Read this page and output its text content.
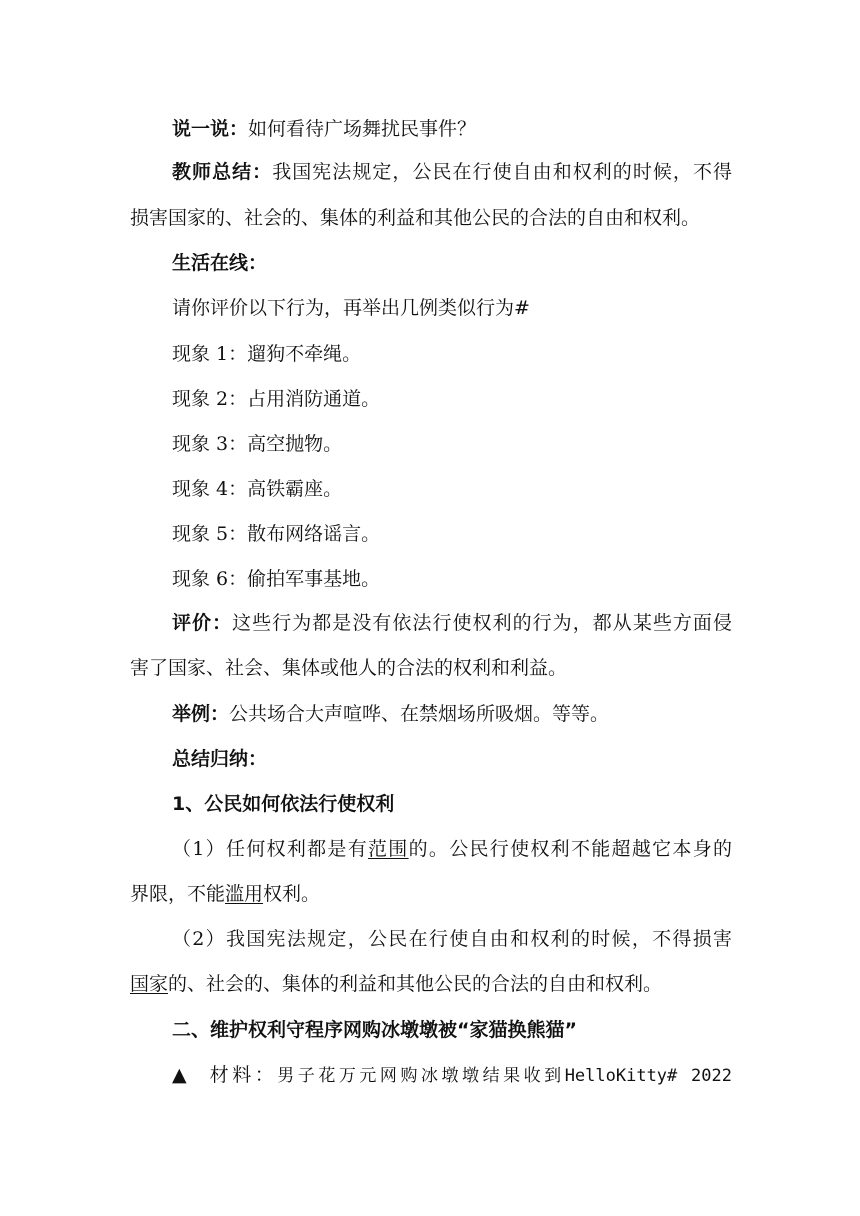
说一说：如何看待广场舞扰民事件？
教师总结：我国宪法规定，公民在行使自由和权利的时候，不得
损害国家的、社会的、集体的利益和其他公民的合法的自由和权利。
生活在线：
请你评价以下行为，再举出几例类似行为#
现象 1：遛狗不牵绳。
现象 2：占用消防通道。
现象 3：高空抛物。
现象 4：高铁霸座。
现象 5：散布网络谣言。
现象 6：偷拍军事基地。
评价：这些行为都是没有依法行使权利的行为，都从某些方面侵
害了国家、社会、集体或他人的合法的权利和利益。
举例：公共场合大声喧哗、在禁烟场所吸烟。等等。
总结归纳：
1、公民如何依法行使权利
（1）任何权利都是有范围的。公民行使权利不能超越它本身的
界限，不能滥用权利。
（2）我国宪法规定，公民在行使自由和权利的时候，不得损害
国家的、社会的、集体的利益和其他公民的合法的自由和权利。
二、维护权利守程序网购冰墩墩被“家猫换熊猫”
▲ 材料：男子花万元网购冰墩墩结果收到HelloKitty# 2022
